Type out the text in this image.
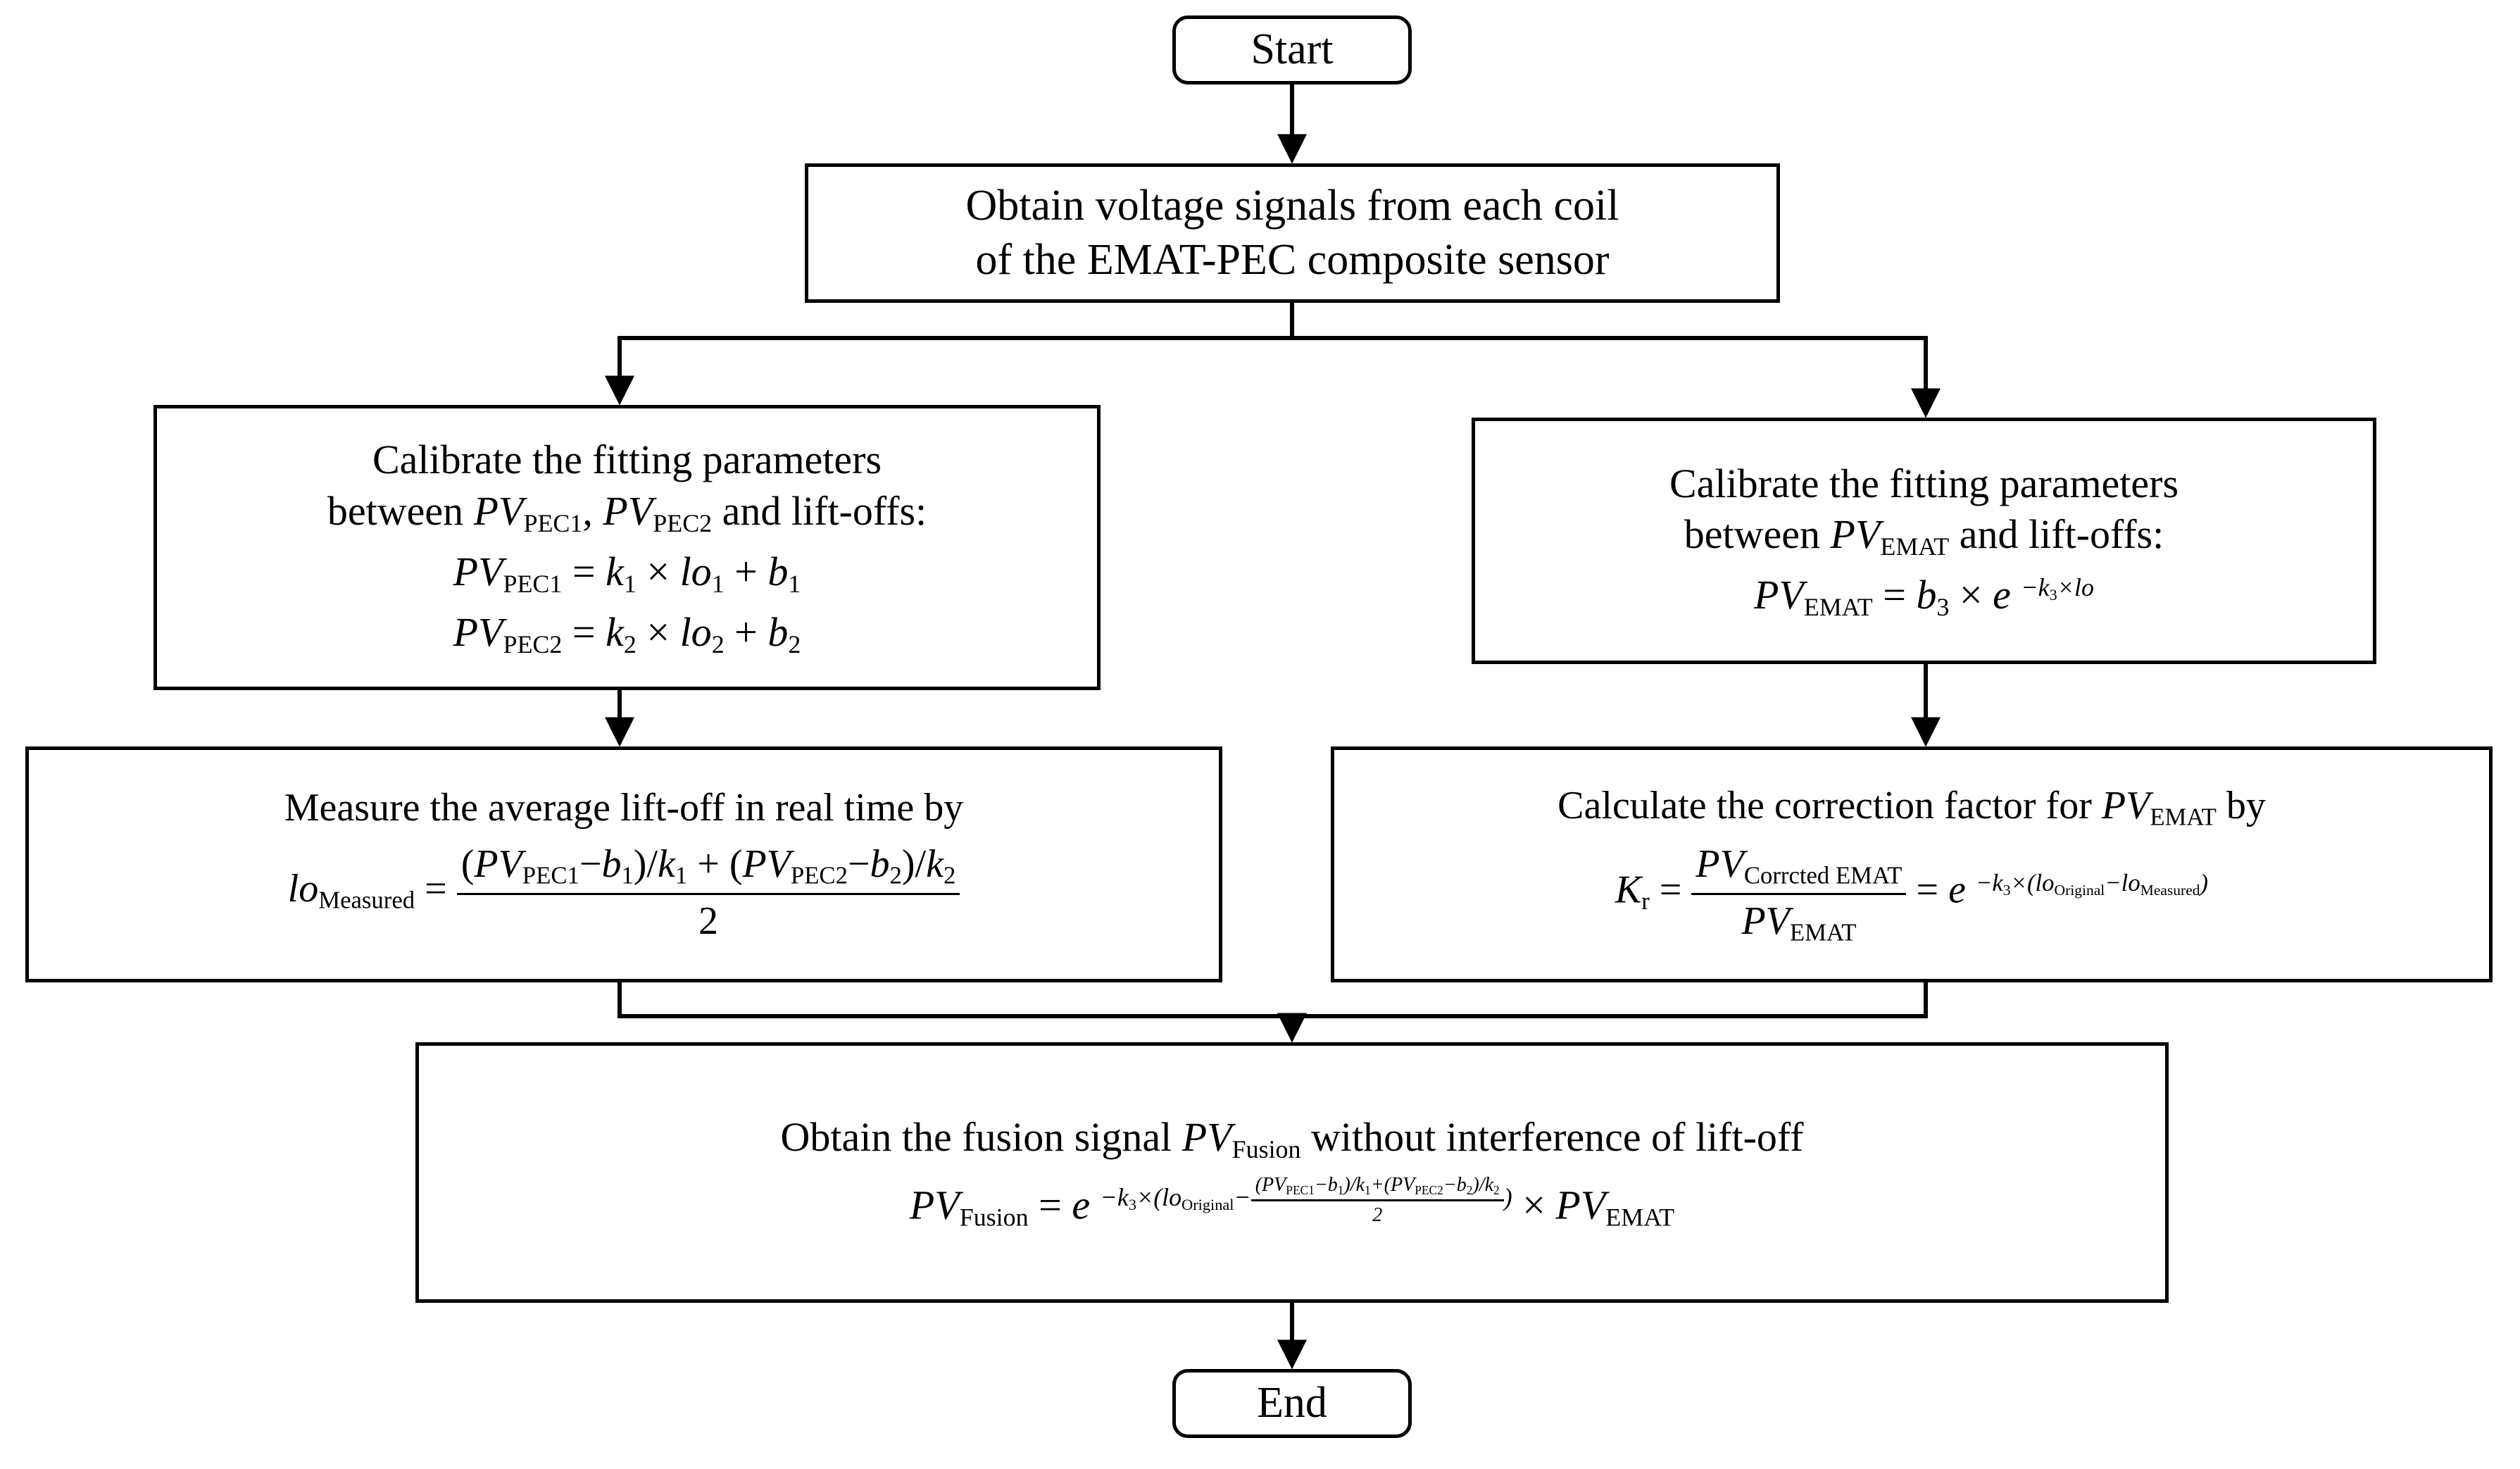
Start
Obtain voltage signals from each coil
of the EMAT-PEC composite sensor
Calibrate the fitting parameters
between $PV_{PEC1}$, $PV_{PEC2}$ and lift-offs:
$PV_{PEC1} = k_1 \times lo_1 + b_1$
$PV_{PEC2} = k_2 \times lo_2 + b_2$
Calibrate the fitting parameters
between $PV_{EMAT}$ and lift-offs:
$PV_{EMAT} = b_3 \times e$ $^{-k_3\times lo}$
Measure the average lift-off in real time by
$lo_{Measured} = \frac{(PV_{PEC1}-b_1)/k_1 + (PV_{PEC2}-b_2)/k_2}{2}$
Calculate the correction factor for $PV_{EMAT}$ by
$K_r = \frac{PV_{Corrcted EMAT}}{PV_{EMAT}} = e$ $^{-k_3\times(lo_{Original}-lo_{Measured})}$
Obtain the fusion signal $PV_{Fusion}$ without interference of lift-off
$PV_{Fusion} = e$ $^{-k_3\times(lo_{Original}- \frac{(PV_{PEC1}-b_1)/k_1+(PV_{PEC2}-b_2)/k_2}{2} )} \times PV_{EMAT}$
End
